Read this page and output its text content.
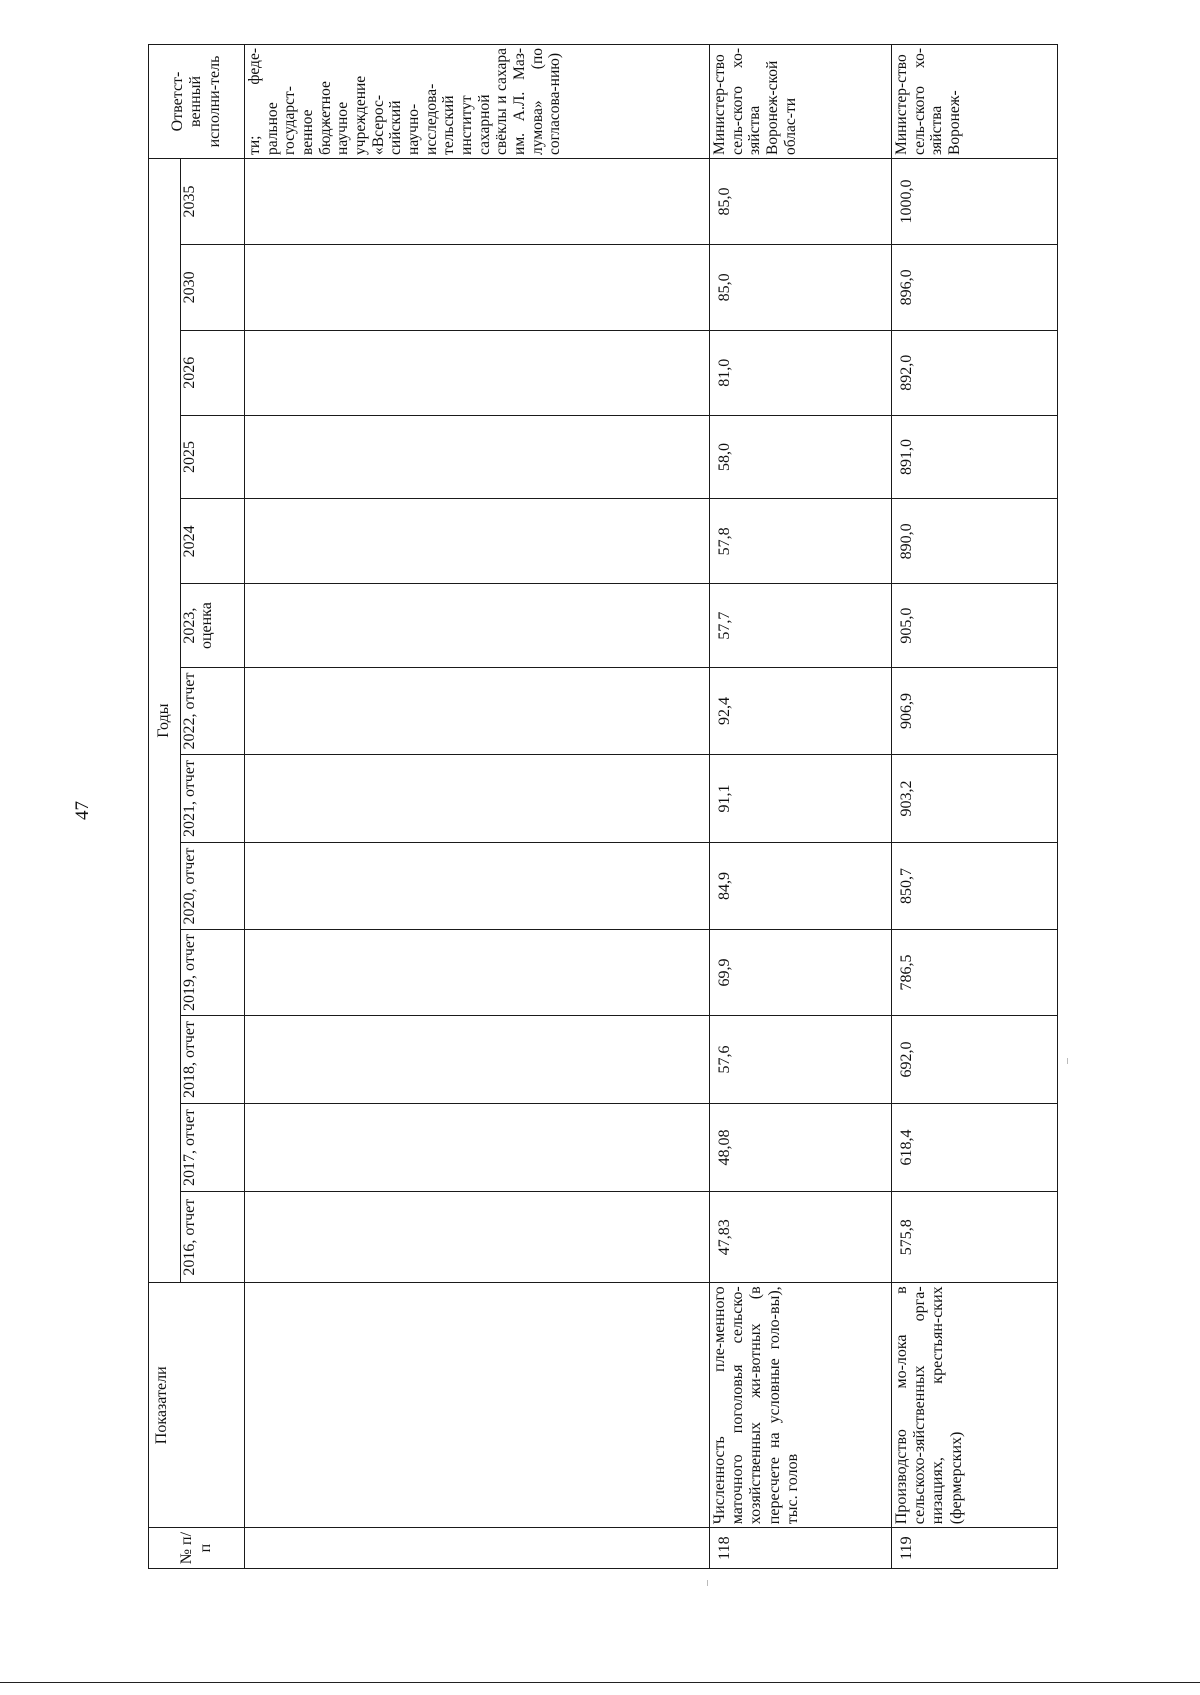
47
№ п/п	Показатели	Годы													Ответст-венный исполни-тель
		2016, отчет	2017, отчет	2018, отчет	2019, отчет	2020, отчет	2021, отчет	2022, отчет	2023, оценка	2024	2025	2026	2030	2035	
															ти; феде-ральное государст-венное бюджетное научное учреждение «Всерос-сийский научно-исследова-тельский институт сахарной свёклы и сахара им. А.Л. Маз-лумова» (по согласова-нию)
118	Численность пле-менного маточного поголовья сельско-хозяйственных жи-вотных (в пересчете на условные голо-вы), тыс. голов	47,83	48,08	57,6	69,9	84,9	91,1	92,4	57,7	57,8	58,0	81,0	85,0	85,0	Министер-ство сель-ского хо-зяйства Воронеж-ской облас-ти
119	Производство мо-лока в сельскохо-зяйственных орга-низациях, крестьян-ских (фермерских)	575,8	618,4	692,0	786,5	850,7	903,2	906,9	905,0	890,0	891,0	892,0	896,0	1000,0	Министер-ство сель-ского хо-зяйства Воронеж-
